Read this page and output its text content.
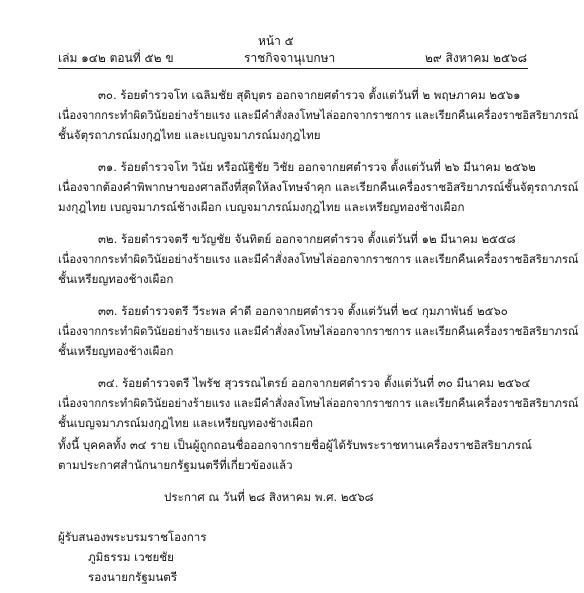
หน้า ๕
เล่ม ๑๔๒ ตอนที่ ๕๒ ข	ราชกิจจานุเบกษา	๒๙ สิงหาคม ๒๕๖๘
๓๐. ร้อยตำรวจโท เฉลิมชัย สุดิบุตร ออกจากยศตำรวจ ตั้งแต่วันที่ ๒ พฤษภาคม ๒๕๖๑
เนื่องจากกระทำผิดวินัยอย่างร้ายแรง และมีคำสั่งลงโทษไล่ออกจากราชการ และเรียกคืนเครื่องราชอิสริยาภรณ์
ชั้นจัตุรถาภรณ์มงกุฎไทย และเบญจมาภรณ์มงกุฎไทย
๓๑. ร้อยตำรวจโท วินัย หรือณัฐิชัย วิชัย ออกจากยศตำรวจ ตั้งแต่วันที่ ๒๖ มีนาคม ๒๕๖๒
เนื่องจากต้องคำพิพากษาของศาลถึงที่สุดให้ลงโทษจำคุก และเรียกคืนเครื่องราชอิสริยาภรณ์ชั้นจัตุรถาภรณ์
มงกุฎไทย เบญจมาภรณ์ช้างเผือก เบญจมาภรณ์มงกุฎไทย และเหรียญทองช้างเผือก
๓๒. ร้อยตำรวจตรี ขวัญชัย จันทิตย์ ออกจากยศตำรวจ ตั้งแต่วันที่ ๑๒ มีนาคม ๒๕๕๘
เนื่องจากกระทำผิดวินัยอย่างร้ายแรง และมีคำสั่งลงโทษไล่ออกจากราชการ และเรียกคืนเครื่องราชอิสริยาภรณ์
ชั้นเหรียญทองช้างเผือก
๓๓. ร้อยตำรวจตรี วีระพล คำดี ออกจากยศตำรวจ ตั้งแต่วันที่ ๒๔ กุมภาพันธ์ ๒๕๖๐
เนื่องจากกระทำผิดวินัยอย่างร้ายแรง และมีคำสั่งลงโทษไล่ออกจากราชการ และเรียกคืนเครื่องราชอิสริยาภรณ์
ชั้นเหรียญทองช้างเผือก
๓๔. ร้อยตำรวจตรี ไพรัช สุวรรณไตรย์ ออกจากยศตำรวจ ตั้งแต่วันที่ ๓๐ มีนาคม ๒๕๖๔
เนื่องจากกระทำผิดวินัยอย่างร้ายแรง และมีคำสั่งลงโทษไล่ออกจากราชการ และเรียกคืนเครื่องราชอิสริยาภรณ์
ชั้นเบญจมาภรณ์มงกุฎไทย และเหรียญทองช้างเผือก
ทั้งนี้ บุคคลทั้ง ๓๔ ราย เป็นผู้ถูกถอนชื่อออกจากรายชื่อผู้ได้รับพระราชทานเครื่องราชอิสริยาภรณ์
ตามประกาศสำนักนายกรัฐมนตรีที่เกี่ยวข้องแล้ว
ประกาศ ณ วันที่ ๒๘ สิงหาคม พ.ศ. ๒๕๖๘
ผู้รับสนองพระบรมราชโองการ
ภูมิธรรม เวชยชัย
รองนายกรัฐมนตรี
